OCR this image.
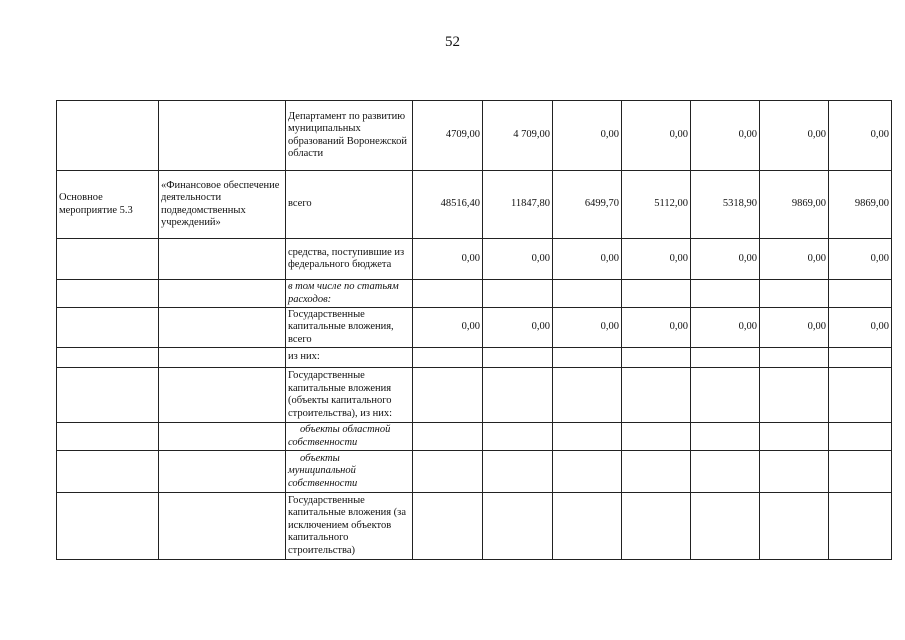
52
		Департамент по развитию муниципальных образований Воронежской области	4709,00	4 709,00	0,00	0,00	0,00	0,00	0,00
Основное мероприятие 5.3	«Финансовое обеспечение деятельности подведомственных учреждений»	всего	48516,40	11847,80	6499,70	5112,00	5318,90	9869,00	9869,00
		средства, поступившие из федерального бюджета	0,00	0,00	0,00	0,00	0,00	0,00	0,00
		в том числе по статьям расходов:							
		Государственные капитальные вложения, всего	0,00	0,00	0,00	0,00	0,00	0,00	0,00
		из них:							
		Государственные капитальные вложения (объекты капитального строительства), из них:							
		объекты областной собственности							
		объекты муниципальной собственности							
		Государственные капитальные вложения (за исключением объектов капитального строительства)							
